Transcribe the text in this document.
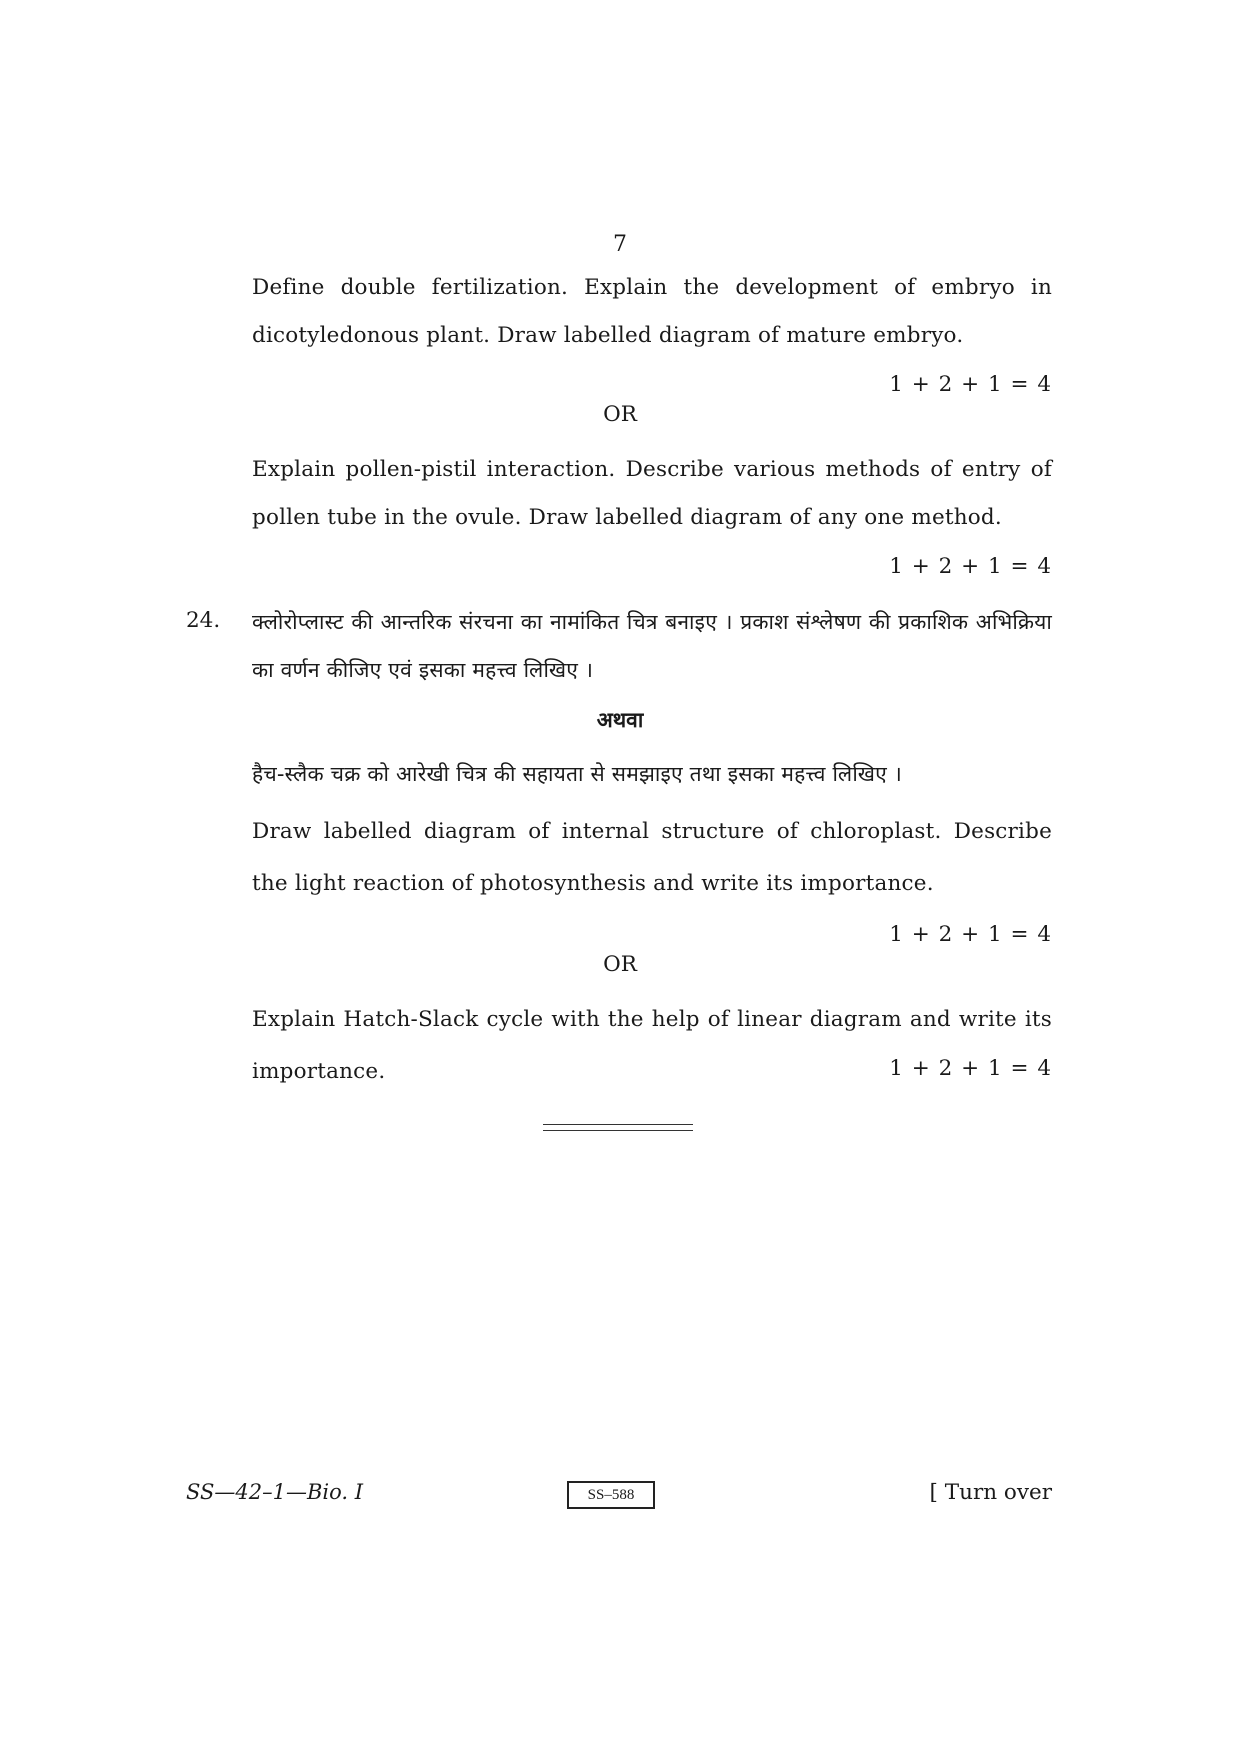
7
Define double fertilization. Explain the development of embryo in dicotyledonous plant. Draw labelled diagram of mature embryo.
1 + 2 + 1 = 4
OR
Explain pollen-pistil interaction. Describe various methods of entry of pollen tube in the ovule. Draw labelled diagram of any one method.
1 + 2 + 1 = 4
24. क्लोरोप्लास्ट की आन्तरिक संरचना का नामांकित चित्र बनाइए । प्रकाश संश्लेषण की प्रकाशिक अभिक्रिया का वर्णन कीजिए एवं इसका महत्त्व लिखिए ।
अथवा
हैच-स्लैक चक्र को आरेखी चित्र की सहायता से समझाइए तथा इसका महत्त्व लिखिए ।
Draw labelled diagram of internal structure of chloroplast. Describe the light reaction of photosynthesis and write its importance.
1 + 2 + 1 = 4
OR
Explain Hatch-Slack cycle with the help of linear diagram and write its
importance.	1 + 2 + 1 = 4
SS—42–1—Bio. I	SS–588	[ Turn over
